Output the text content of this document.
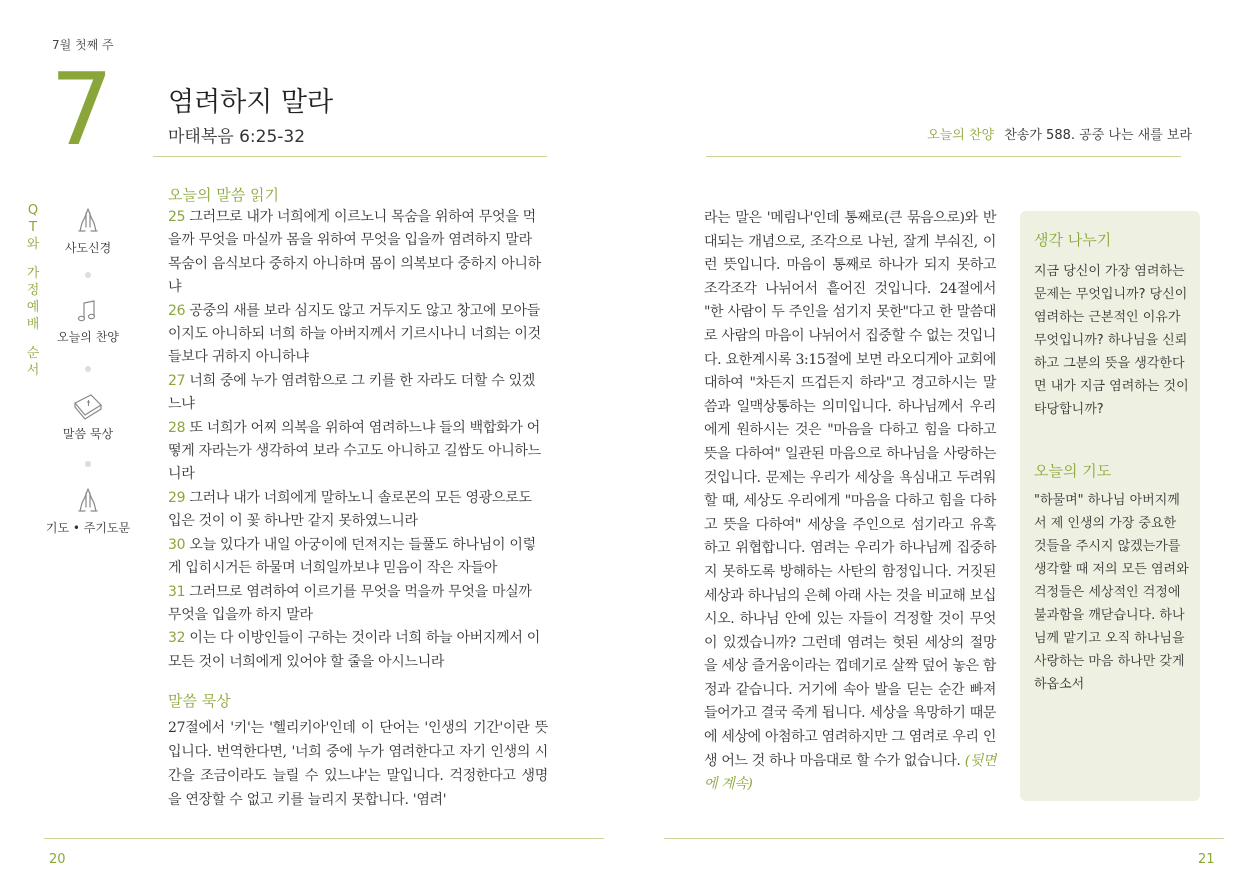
7월 첫째 주
7 염려하지 말라
마태복음 6:25-32	오늘의 찬양 찬송가 588. 공중 나는 새를 보라
Q
T
와
가
정
예
배
순
서
사도신경
오늘의 찬양
말씀 묵상
기도 • 주기도문
오늘의 말씀 읽기
25 그러므로 내가 너희에게 이르노니 목숨을 위하여 무엇을 먹을까 무엇을 마실까 몸을 위하여 무엇을 입을까 염려하지 말라 목숨이 음식보다 중하지 아니하며 몸이 의복보다 중하지 아니하냐
26 공중의 새를 보라 심지도 않고 거두지도 않고 창고에 모아들이지도 아니하되 너희 하늘 아버지께서 기르시나니 너희는 이것들보다 귀하지 아니하냐
27 너희 중에 누가 염려함으로 그 키를 한 자라도 더할 수 있겠느냐
28 또 너희가 어찌 의복을 위하여 염려하느냐 들의 백합화가 어떻게 자라는가 생각하여 보라 수고도 아니하고 길쌈도 아니하느니라
29 그러나 내가 너희에게 말하노니 솔로몬의 모든 영광으로도 입은 것이 이 꽃 하나만 같지 못하였느니라
30 오늘 있다가 내일 아궁이에 던져지는 들풀도 하나님이 이렇게 입히시거든 하물며 너희일까보냐 믿음이 작은 자들아
31 그러므로 염려하여 이르기를 무엇을 먹을까 무엇을 마실까 무엇을 입을까 하지 말라
32 이는 다 이방인들이 구하는 것이라 너희 하늘 아버지께서 이 모든 것이 너희에게 있어야 할 줄을 아시느니라
말씀 묵상
27절에서 '키'는 '헬리키아'인데 이 단어는 '인생의 기간'이란 뜻입니다. 번역한다면, '너희 중에 누가 염려한다고 자기 인생의 시간을 조금이라도 늘릴 수 있느냐'는 말입니다. 걱정한다고 생명을 연장할 수 없고 키를 늘리지 못합니다. '염려'
라는 말은 '메림나'인데 통째로(큰 묶음으로)와 반대되는 개념으로, 조각으로 나뉜, 잘게 부숴진, 이런 뜻입니다. 마음이 통째로 하나가 되지 못하고 조각조각 나뉘어서 흩어진 것입니다. 24절에서 "한 사람이 두 주인을 섬기지 못한"다고 한 말씀대로 사람의 마음이 나뉘어서 집중할 수 없는 것입니다. 요한계시록 3:15절에 보면 라오디게아 교회에 대하여 "차든지 뜨겁든지 하라"고 경고하시는 말씀과 일맥상통하는 의미입니다. 하나님께서 우리에게 원하시는 것은 "마음을 다하고 힘을 다하고 뜻을 다하여" 일관된 마음으로 하나님을 사랑하는 것입니다. 문제는 우리가 세상을 욕심내고 두려워할 때, 세상도 우리에게 "마음을 다하고 힘을 다하고 뜻을 다하여" 세상을 주인으로 섬기라고 유혹하고 위협합니다. 염려는 우리가 하나님께 집중하지 못하도록 방해하는 사탄의 함정입니다. 거짓된 세상과 하나님의 은혜 아래 사는 것을 비교해 보십시오. 하나님 안에 있는 자들이 걱정할 것이 무엇이 있겠습니까? 그런데 염려는 헛된 세상의 절망을 세상 즐거움이라는 껍데기로 살짝 덮어 놓은 함정과 같습니다. 거기에 속아 발을 딛는 순간 빠져들어가고 결국 죽게 됩니다. 세상을 욕망하기 때문에 세상에 아첨하고 염려하지만 그 염려로 우리 인생 어느 것 하나 마음대로 할 수가 없습니다. (뒷면에 계속)

생각 나누기

지금 당신이 가장 염려하는 문제는 무엇입니까? 당신이 염려하는 근본적인 이유가 무엇입니까? 하나님을 신뢰하고 그분의 뜻을 생각한다면 내가 지금 염려하는 것이 타당합니까?

오늘의 기도

"하물며" 하나님 아버지께서 제 인생의 가장 중요한 것들을 주시지 않겠는가를 생각할 때 저의 모든 염려와 걱정들은 세상적인 걱정에 불과함을 깨닫습니다. 하나님께 맡기고 오직 하나님을 사랑하는 마음 하나만 갖게 하옵소서

20	21
